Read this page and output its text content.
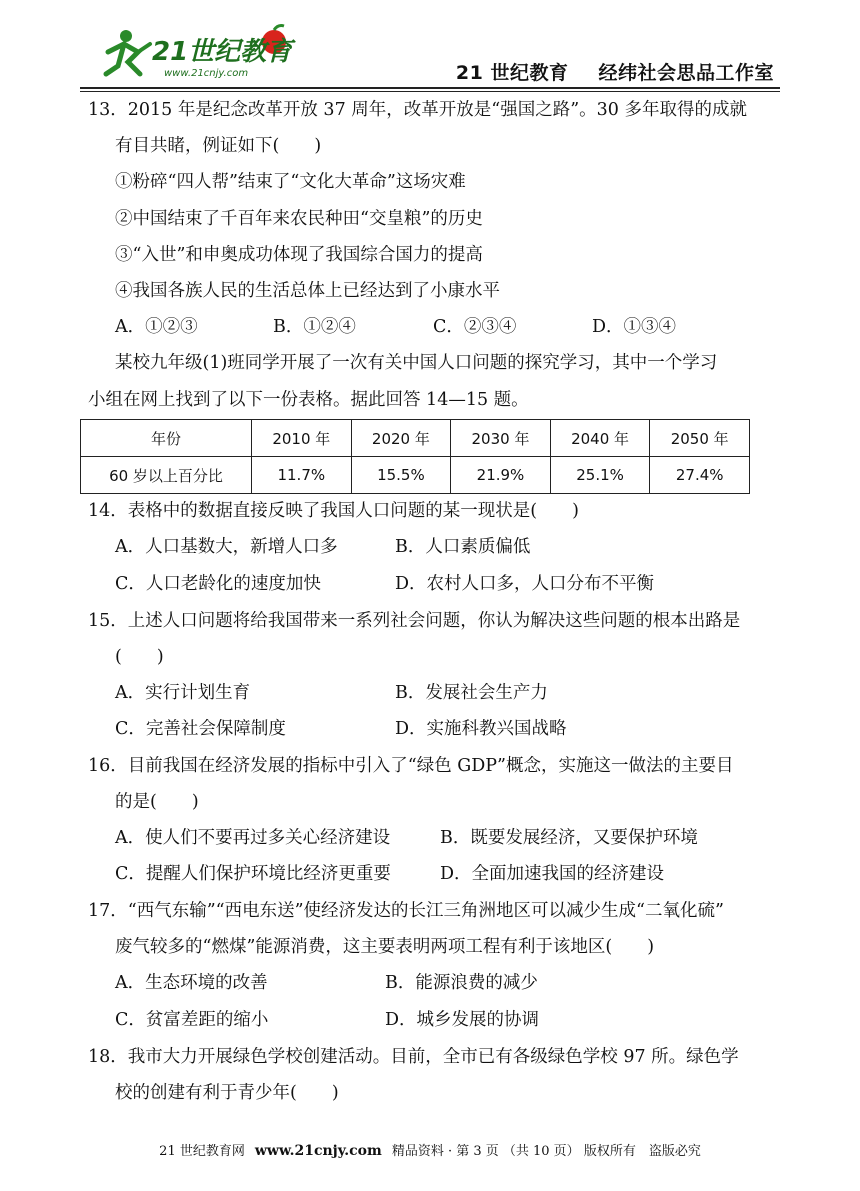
21世纪教育
www.21cnjy.com	21 世纪教育 经纬社会思品工作室
13．2015 年是纪念改革开放 37 周年，改革开放是“强国之路”。30 多年取得的成就
有目共睹，例证如下(　　)
①粉碎“四人帮”结束了“文化大革命”这场灾难
②中国结束了千百年来农民种田“交皇粮”的历史
③“入世”和申奥成功体现了我国综合国力的提高
④我国各族人民的生活总体上已经达到了小康水平
A．①②③	B．①②④	C．②③④	D．①③④
某校九年级(1)班同学开展了一次有关中国人口问题的探究学习，其中一个学习
小组在网上找到了以下一份表格。据此回答 14—15 题。
年份	2010 年	2020 年	2030 年	2040 年	2050 年
60 岁以上百分比	11.7%	15.5%	21.9%	25.1%	27.4%
14．表格中的数据直接反映了我国人口问题的某一现状是(　　)
A．人口基数大，新增人口多	B．人口素质偏低
C．人口老龄化的速度加快	D．农村人口多，人口分布不平衡
15．上述人口问题将给我国带来一系列社会问题，你认为解决这些问题的根本出路是
(　　)
A．实行计划生育	B．发展社会生产力
C．完善社会保障制度	D．实施科教兴国战略
16．目前我国在经济发展的指标中引入了“绿色 GDP”概念，实施这一做法的主要目
的是(　　)
A．使人们不要再过多关心经济建设	B．既要发展经济，又要保护环境
C．提醒人们保护环境比经济更重要	D．全面加速我国的经济建设
17．“西气东输”“西电东送”使经济发达的长江三角洲地区可以减少生成“二氧化硫”
废气较多的“燃煤”能源消费，这主要表明两项工程有利于该地区(　　)
A．生态环境的改善	B．能源浪费的减少
C．贫富差距的缩小	D．城乡发展的协调
18．我市大力开展绿色学校创建活动。目前，全市已有各级绿色学校 97 所。绿色学
校的创建有利于青少年(　　)
21 世纪教育网 www.21cnjy.com 精品资料 · 第 3 页 （共 10 页） 版权所有　盗版必究
